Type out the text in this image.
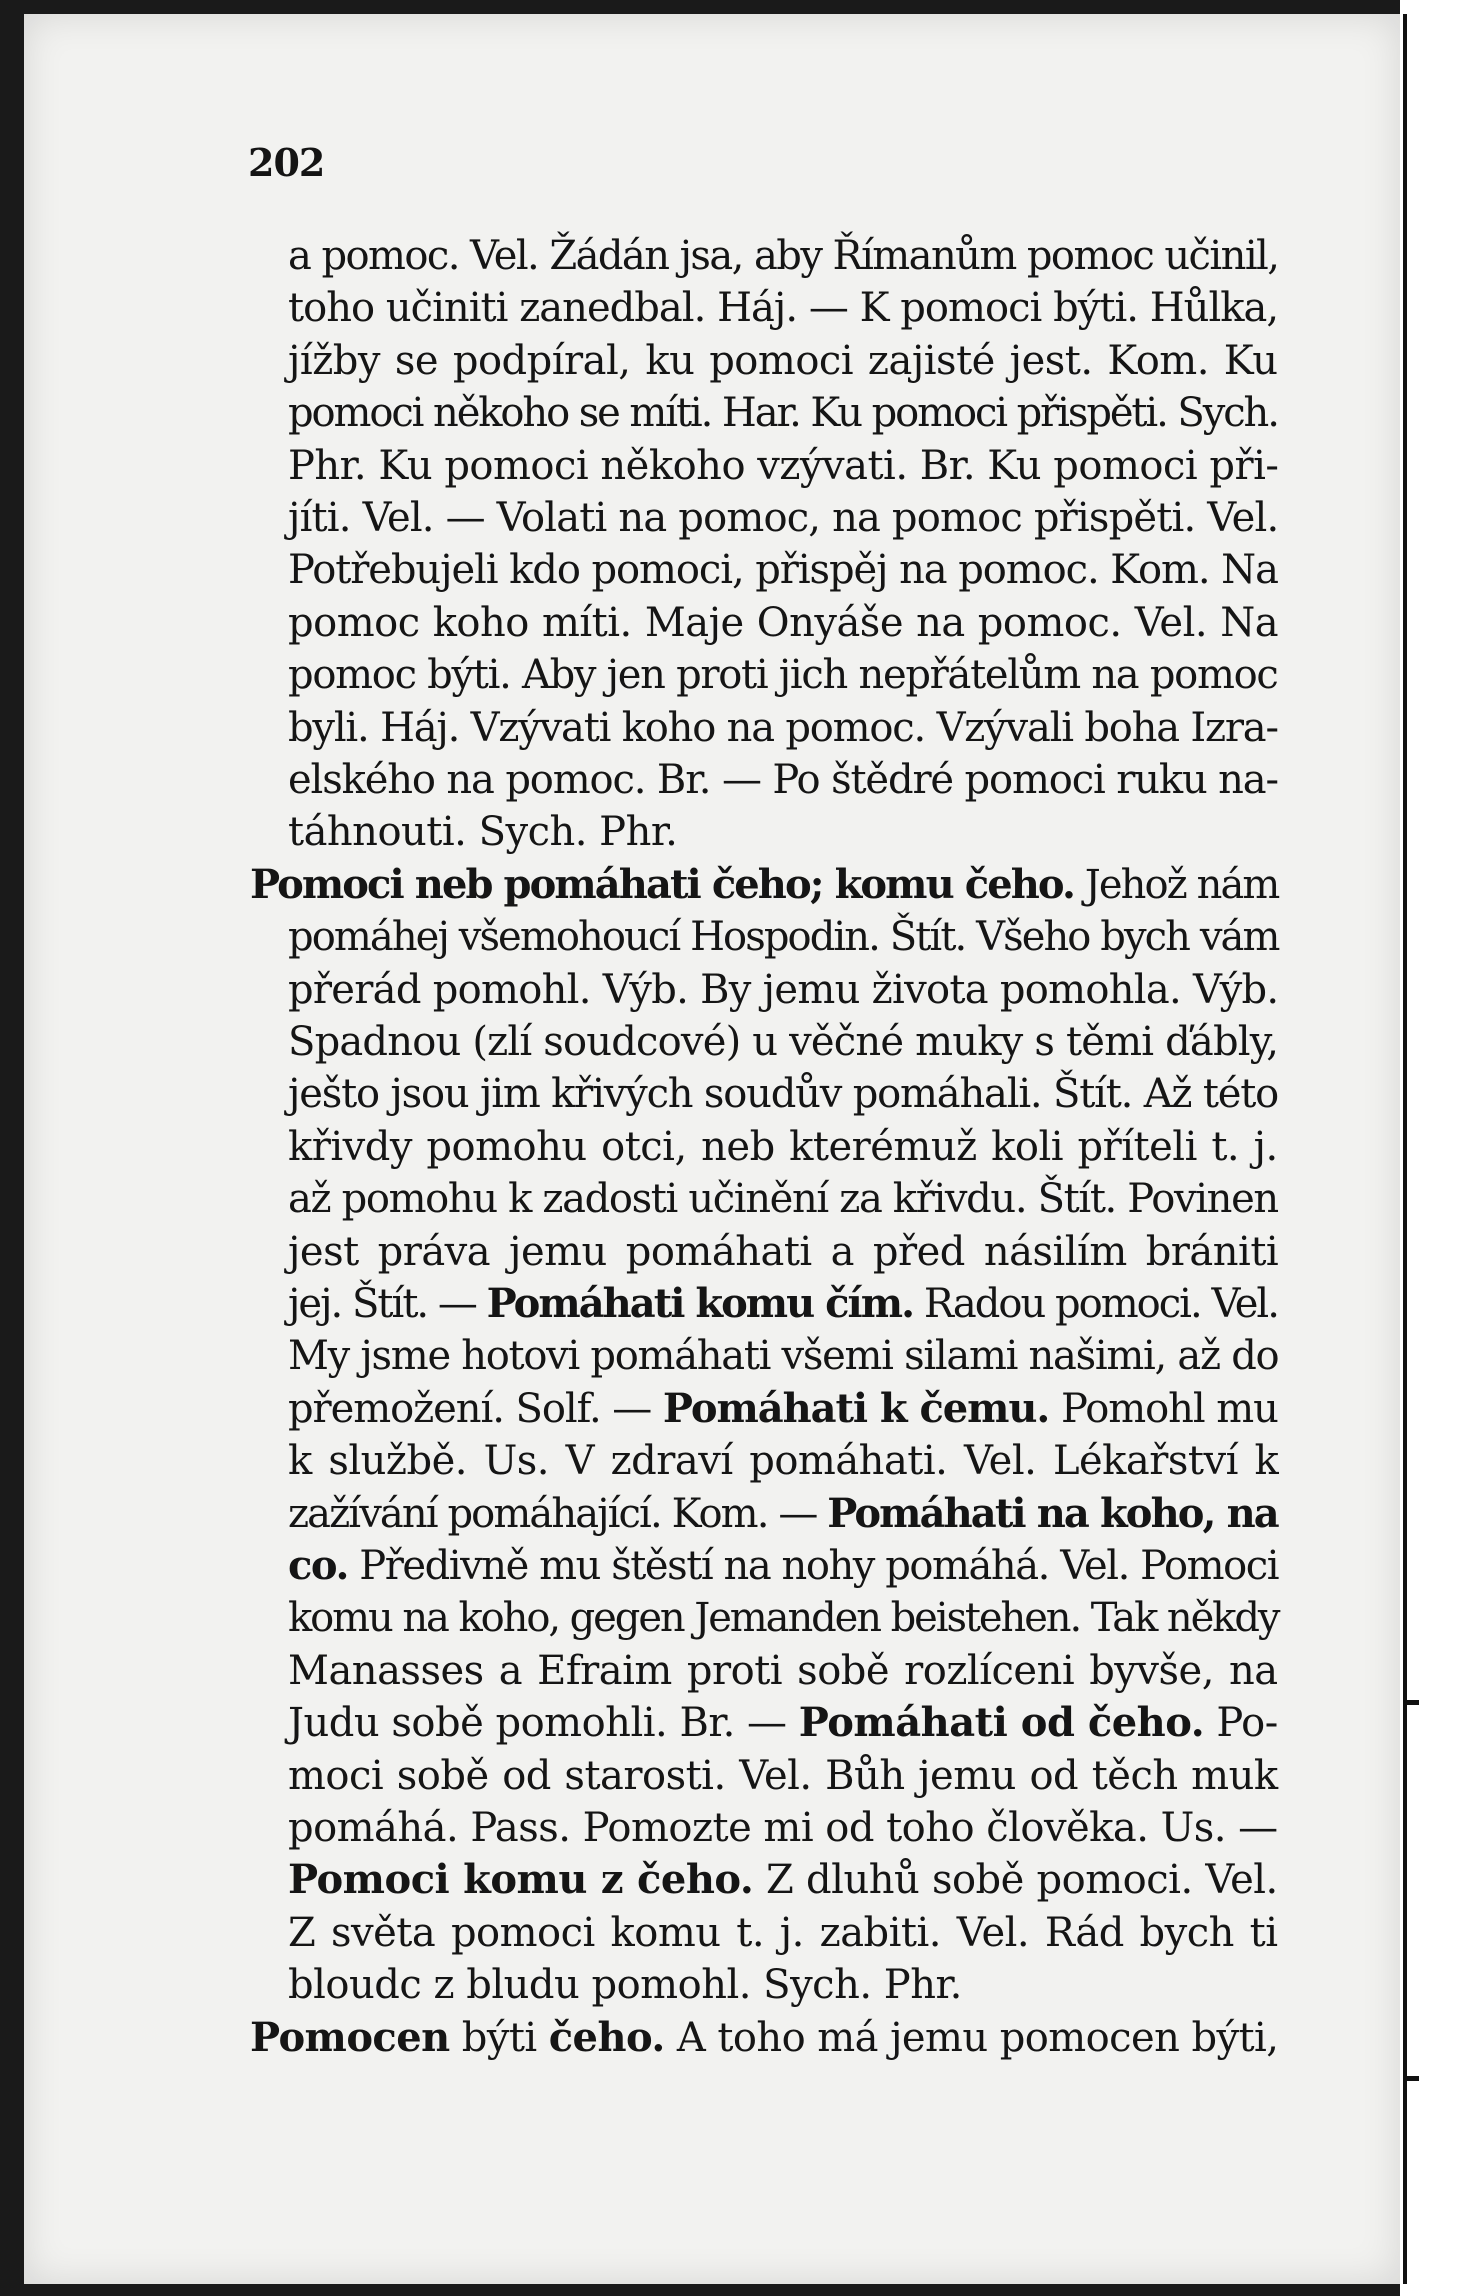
202
a pomoc. Vel. Žádán jsa, aby Římanům pomoc učinil,
toho učiniti zanedbal. Háj. — K pomoci býti. Hůlka,
jížby se podpíral, ku pomoci zajisté jest. Kom. Ku
pomoci někoho se míti. Har. Ku pomoci přispěti. Sych.
Phr. Ku pomoci někoho vzývati. Br. Ku pomoci při-
jíti. Vel. — Volati na pomoc, na pomoc přispěti. Vel.
Potřebujeli kdo pomoci, přispěj na pomoc. Kom. Na
pomoc koho míti. Maje Onyáše na pomoc. Vel. Na
pomoc býti. Aby jen proti jich nepřátelům na pomoc
byli. Háj. Vzývati koho na pomoc. Vzývali boha Izra-
elského na pomoc. Br. — Po štědré pomoci ruku na-
táhnouti. Sych. Phr.
Pomoci neb pomáhati čeho; komu čeho. Jehož nám
pomáhej všemohoucí Hospodin. Štít. Všeho bych vám
přerád pomohl. Výb. By jemu života pomohla. Výb.
Spadnou (zlí soudcové) u věčné muky s těmi ďábly,
ješto jsou jim křivých soudův pomáhali. Štít. Až této
křivdy pomohu otci, neb kterémuž koli příteli t. j.
až pomohu k zadosti učinění za křivdu. Štít. Povinen
jest práva jemu pomáhati a před násilím brániti
jej. Štít. — Pomáhati komu čím. Radou pomoci. Vel.
My jsme hotovi pomáhati všemi silami našimi, až do
přemožení. Solf. — Pomáhati k čemu. Pomohl mu
k službě. Us. V zdraví pomáhati. Vel. Lékařství k
zažívání pomáhající. Kom. — Pomáhati na koho, na
co. Předivně mu štěstí na nohy pomáhá. Vel. Pomoci
komu na koho, gegen Jemanden beistehen. Tak někdy
Manasses a Efraim proti sobě rozlíceni byvše, na
Judu sobě pomohli. Br. — Pomáhati od čeho. Po-
moci sobě od starosti. Vel. Bůh jemu od těch muk
pomáhá. Pass. Pomozte mi od toho člověka. Us. —
Pomoci komu z čeho. Z dluhů sobě pomoci. Vel.
Z světa pomoci komu t. j. zabiti. Vel. Rád bych ti
bloudc z bludu pomohl. Sych. Phr.
Pomocen býti čeho. A toho má jemu pomocen býti,
